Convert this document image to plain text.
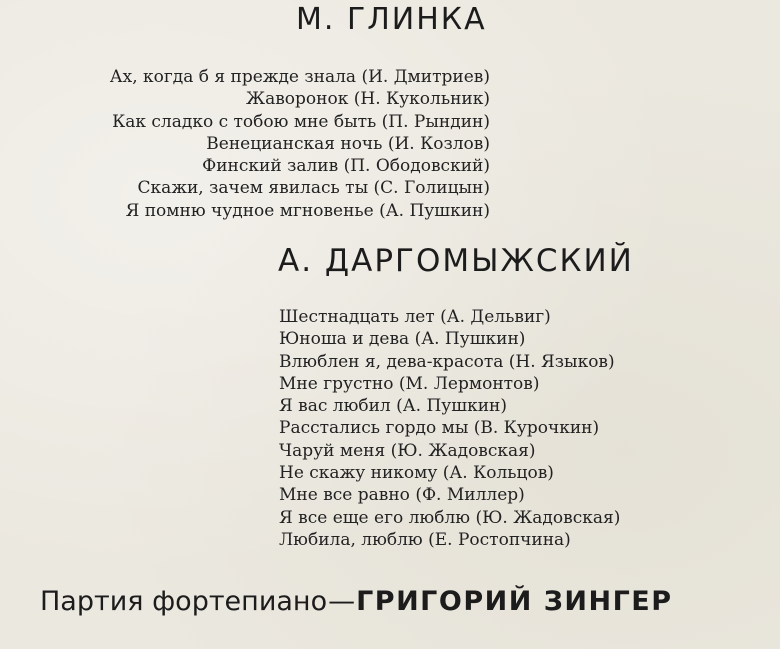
М. ГЛИНКА
Ах, когда б я прежде знала (И. Дмитриев)
Жаворонок (Н. Кукольник)
Как сладко с тобою мне быть (П. Рындин)
Венецианская ночь (И. Козлов)
Финский залив (П. Ободовский)
Скажи, зачем явилась ты (С. Голицын)
Я помню чудное мгновенье (А. Пушкин)
А. ДАРГОМЫЖСКИЙ
Шестнадцать лет (А. Дельвиг)
Юноша и дева (А. Пушкин)
Влюблен я, дева-красота (Н. Языков)
Мне грустно (М. Лермонтов)
Я вас любил (А. Пушкин)
Расстались гордо мы (В. Курочкин)
Чаруй меня (Ю. Жадовская)
Не скажу никому (А. Кольцов)
Мне все равно (Ф. Миллер)
Я все еще его люблю (Ю. Жадовская)
Любила, люблю (Е. Ростопчина)
Партия фортепиано—ГРИГОРИЙ ЗИНГЕР
